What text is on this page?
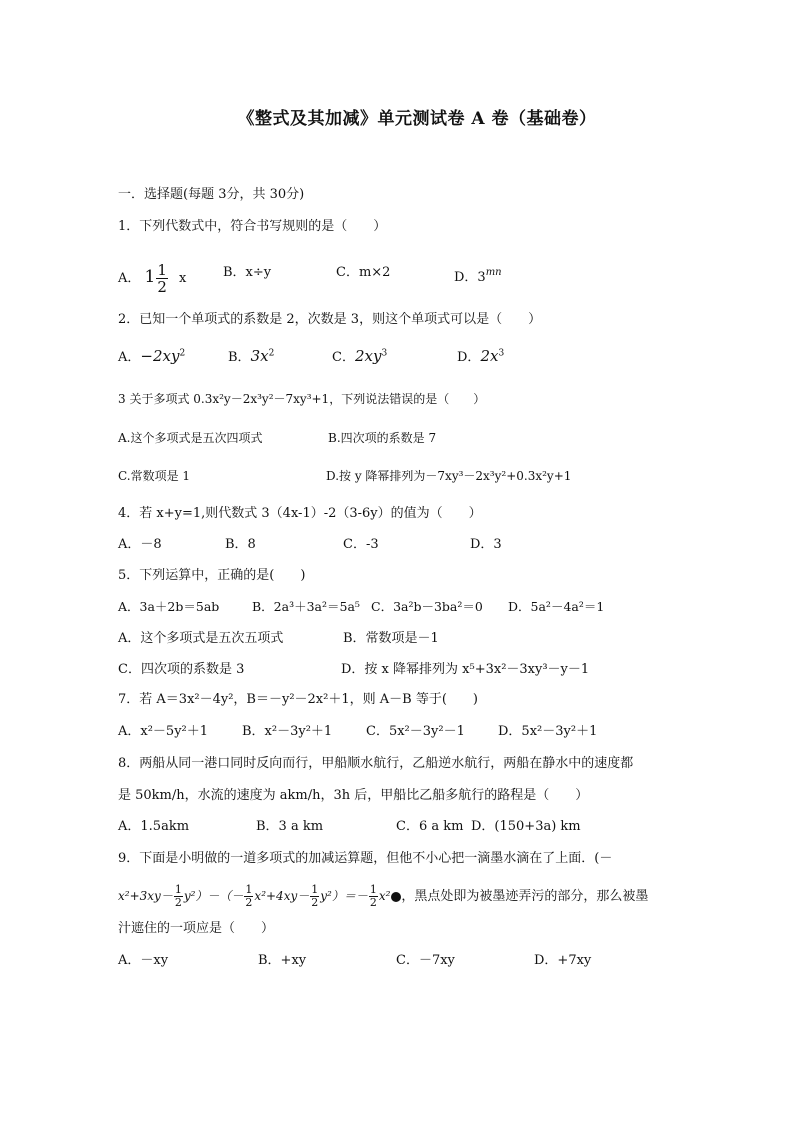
《整式及其加减》单元测试卷 A 卷（基础卷）
一．选择题(每题 3分，共 30分)
1．下列代数式中，符合书写规则的是（　　）
A． $1 \frac{1}{2}$ x	B．x÷y	C．m×2	D．$3^{mn}$
2．已知一个单项式的系数是 2，次数是 3，则这个单项式可以是（　　）
A．$-2xy^2$	B．$3x^2$	C．$2xy^3$	D．$2x^3$
3 关于多项式 0.3x²y－2x³y²－7xy³+1，下列说法错误的是（　　）
A.这个多项式是五次四项式	B.四次项的系数是 7
C.常数项是 1	D.按 y 降幂排列为－7xy³－2x³y²+0.3x²y+1
4．若 x+y=1,则代数式 3（4x-1）-2（3-6y）的值为（　　）
A．－8	B．8	C．-3	D．3
5．下列运算中，正确的是(　　)
A．3a＋2b＝5ab	B．2a³＋3a²＝5a⁵ C．3a²b－3ba²＝0 D．5a²－4a²＝1
A．这个多项式是五次五项式	B．常数项是－1
C．四次项的系数是 3	D．按 x 降幂排列为 x⁵+3x²－3xy³－y－1
7．若 A＝3x²－4y²，B＝－y²－2x²＋1，则 A－B 等于(　　)
A．x²－5y²＋1	B．x²－3y²＋1	C．5x²－3y²－1	D．5x²－3y²＋1
8．两船从同一港口同时反向而行，甲船顺水航行，乙船逆水航行，两船在静水中的速度都
是 50km/h，水流的速度为 akm/h，3h 后，甲船比乙船多航行的路程是（　　）
A．1.5akm	B．3 a km	C．6 a km D．(150+3a) km
9．下面是小明做的一道多项式的加减运算题，但他不小心把一滴墨水滴在了上面．(－
$x^2+3xy- \frac{1}{2} y^2)-(- \frac{1}{2} x^2+4xy- \frac{1}{2} y^2)=- \frac{1}{2} x^2$ ，黑点处即为被墨迹弄污的部分，那么被墨
汁遮住的一项应是（　　）
A．－xy	B．+xy	C．－7xy	D．+7xy
